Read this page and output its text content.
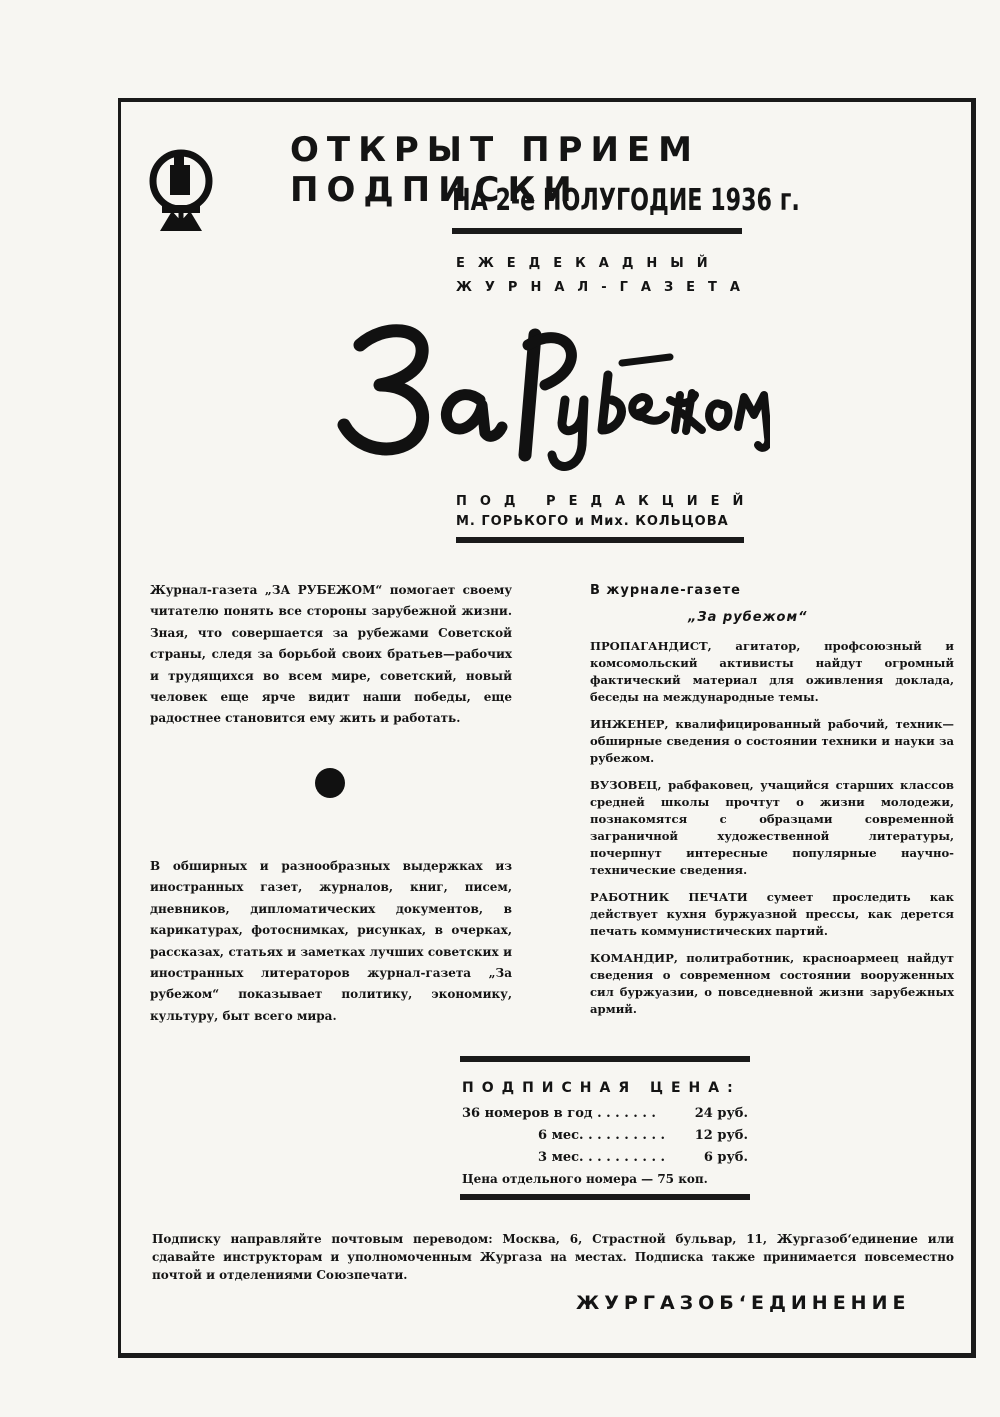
ОТКРЫТ ПРИЕМ ПОДПИСКИ
НА 2-е ПОЛУГОДИЕ 1936 г.
ЕЖЕДЕКАДНЫЙ
ЖУРНАЛ-ГАЗЕТА
ПОД РЕДАКЦИЕЙ
М. ГОРЬКОГО и Мих. КОЛЬЦОВА
Журнал-газета „ЗА РУБЕЖОМ“ помогает своему читателю понять все стороны зарубежной жизни. Зная, что совершается за рубежами Советской страны, следя за борьбой своих братьев—рабочих и трудящихся во всем мире, советский, новый человек еще ярче видит наши победы, еще радостнее становится ему жить и работать.
В обширных и разнообразных выдержках из иностранных газет, журналов, книг, писем, дневников, дипломатических документов, в карикатурах, фотоснимках, рисунках, в очерках, рассказах, статьях и заметках лучших советских и иностранных литераторов журнал-газета „За рубежом“ показывает политику, экономику, культуру, быт всего мира.
В журнале-газете
„За рубежом“

ПРОПАГАНДИСТ, агитатор, профсоюзный и комсомольский активисты найдут огромный фактический материал для оживления доклада, беседы на международные темы.

ИНЖЕНЕР, квалифицированный рабочий, техник—обширные сведения о состоянии техники и науки за рубежом.

ВУЗОВЕЦ, рабфаковец, учащийся старших классов средней школы прочтут о жизни молодежи, познакомятся с образцами современной заграничной художественной литературы, почерпнут интересные популярные научно-технические сведения.

РАБОТНИК ПЕЧАТИ сумеет проследить как действует кухня буржуазной прессы, как дерется печать коммунистических партий.

КОМАНДИР, политработник, красноармеец найдут сведения о современном состоянии вооруженных сил буржуазии, о повседневной жизни зарубежных армий.

ПОДПИСНАЯ ЦЕНА:
36 номеров в год . . . . . . .	24 руб.
6 мес. . . . . . . . . . 12 руб.
3 мес. . . . . . . . . .	6 руб.
Цена отдельного номера — 75 коп.
Подписку направляйте почтовым переводом: Москва, 6, Страстной бульвар, 11, Жургазоб‘единение или сдавайте инструкторам и уполномоченным Жургаза на местах. Подписка также принимается повсеместно почтой и отделениями Союзпечати.
ЖУРГАЗОБ‘ЕДИНЕНИЕ
